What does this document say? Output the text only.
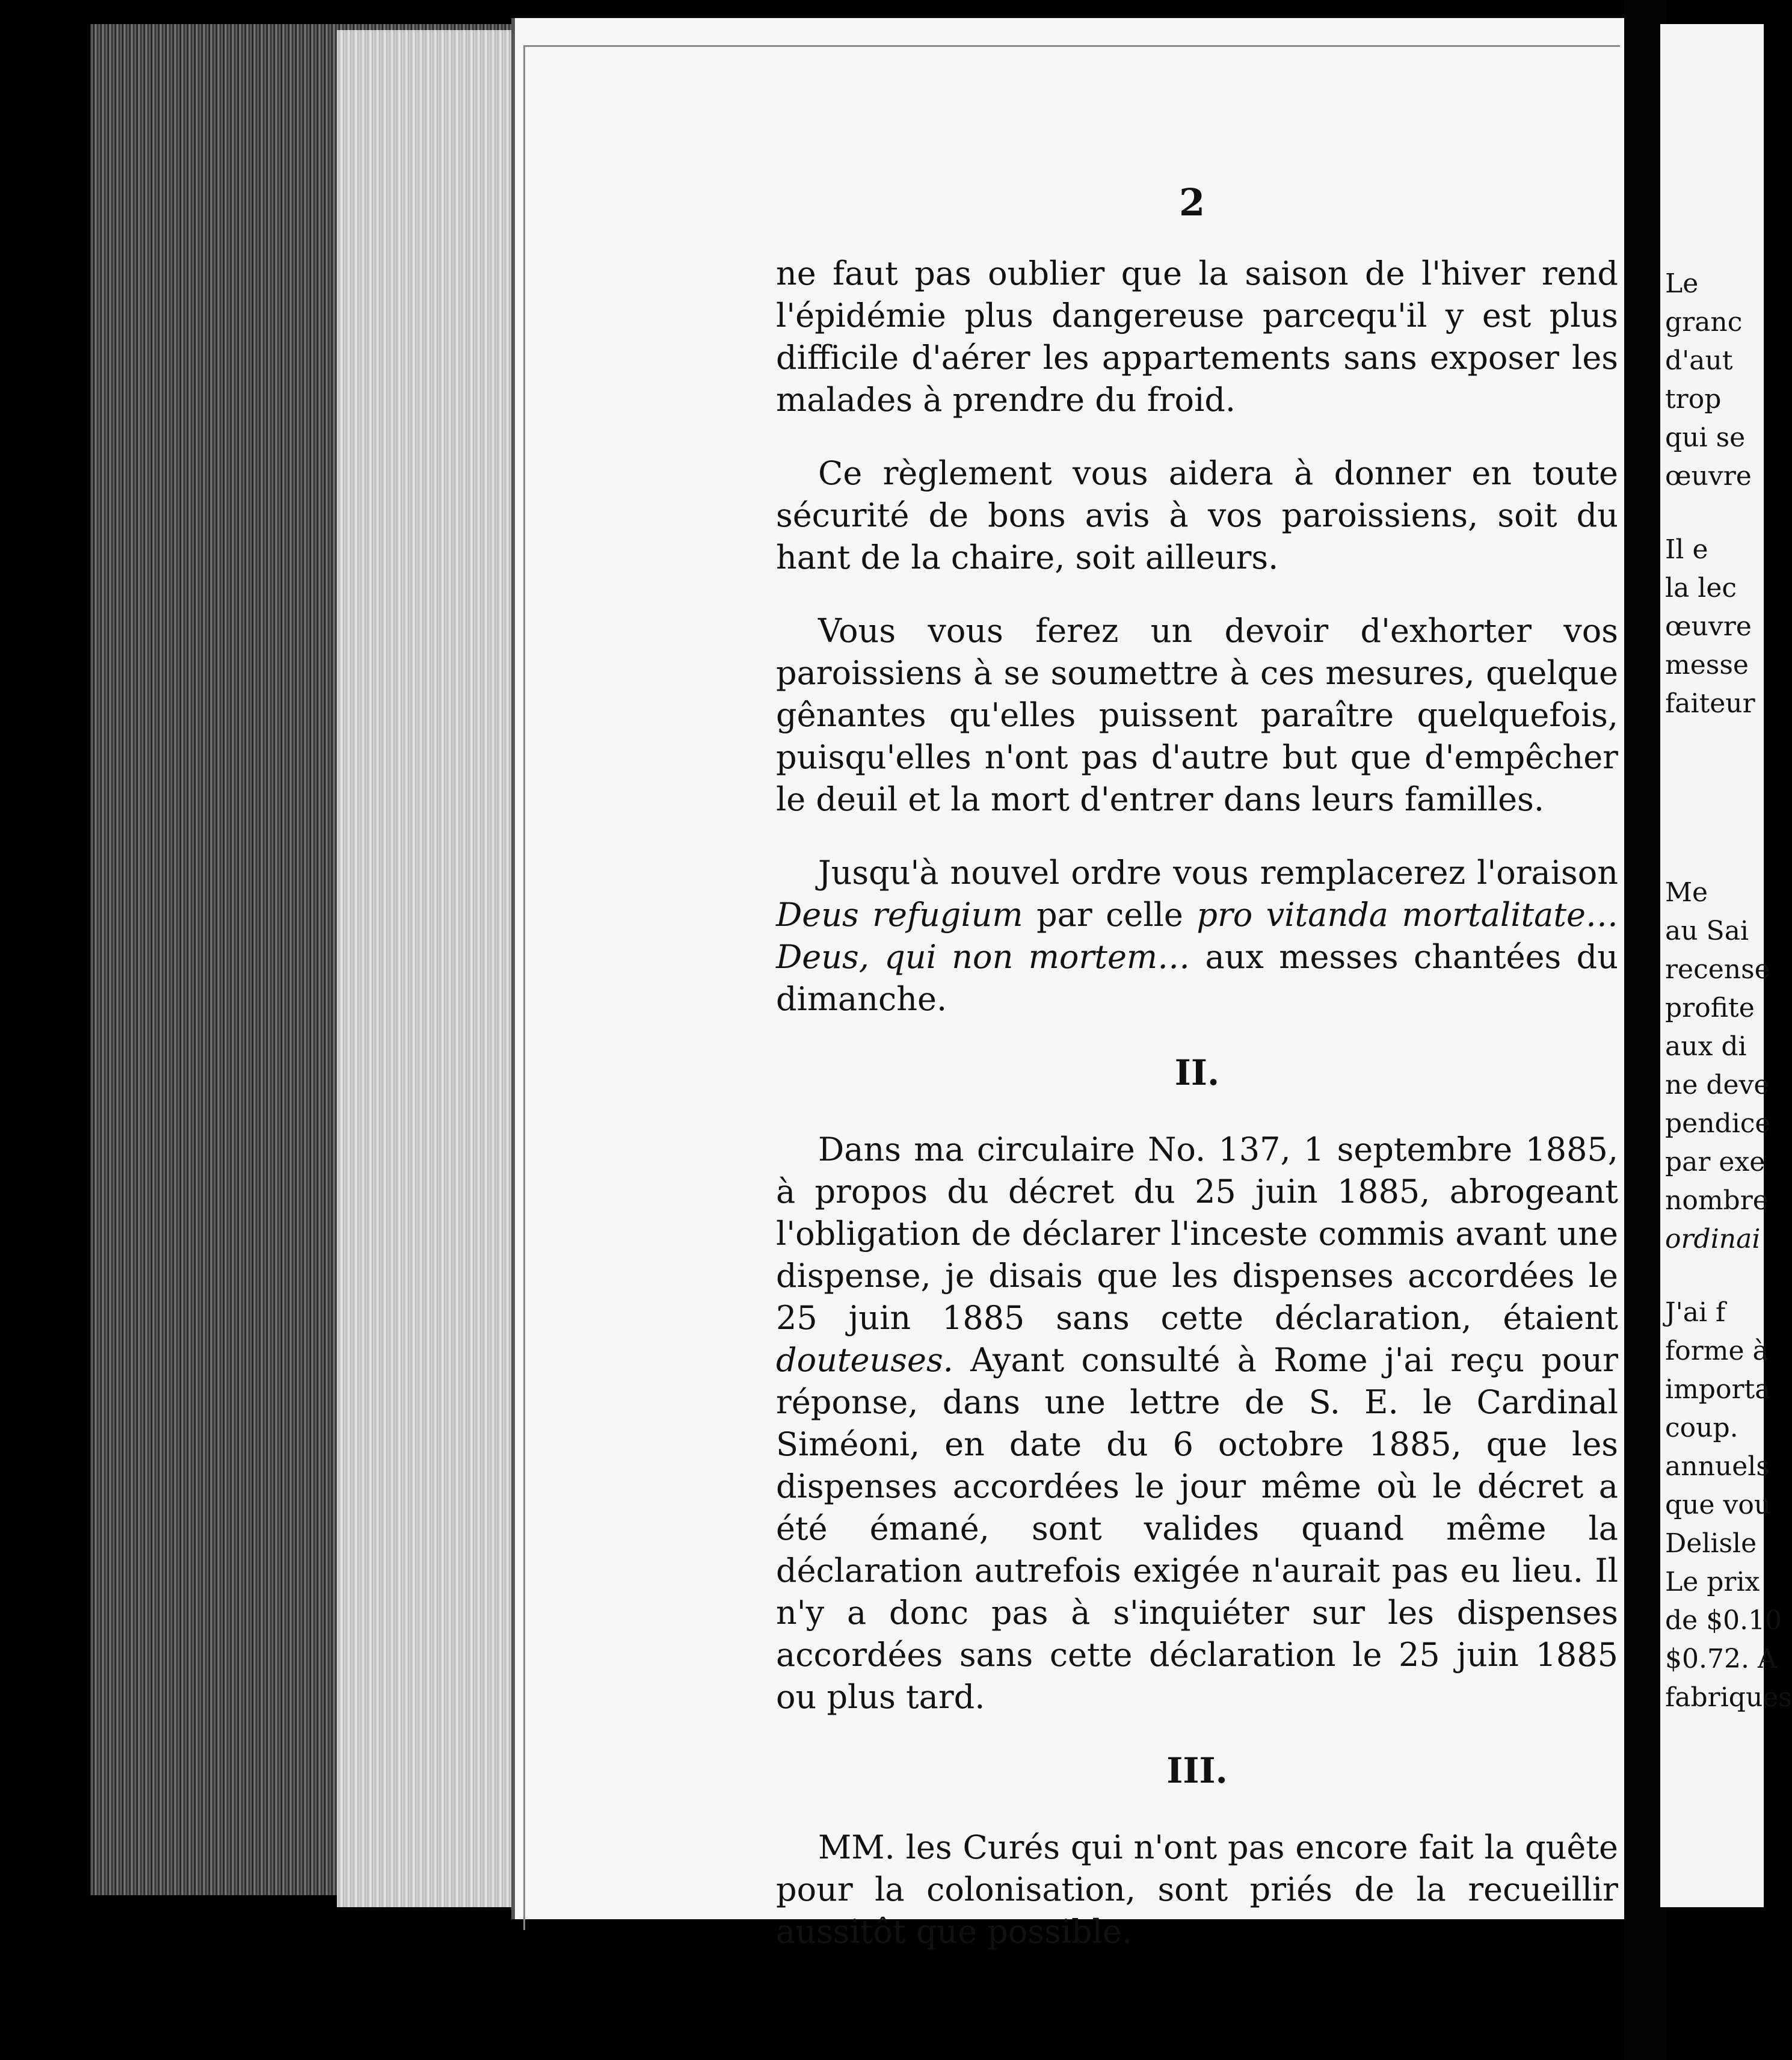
2

ne faut pas oublier que la saison de l'hiver rend l'épidémie plus dangereuse parcequ'il y est plus difficile d'aérer les appartements sans exposer les malades à prendre du froid.

Ce règlement vous aidera à donner en toute sécurité de bons avis à vos paroissiens, soit du hant de la chaire, soit ailleurs.

Vous vous ferez un devoir d'exhorter vos paroissiens à se soumettre à ces mesures, quelque gênantes qu'elles puissent paraître quelquefois, puisqu'elles n'ont pas d'autre but que d'empêcher le deuil et la mort d'entrer dans leurs familles.

Jusqu'à nouvel ordre vous remplacerez l'oraison Deus refugium par celle pro vitanda mortalitate… Deus, qui non mortem… aux messes chantées du dimanche.

II.

Dans ma circulaire No. 137, 1 septembre 1885, à propos du décret du 25 juin 1885, abrogeant l'obligation de déclarer l'inceste commis avant une dispense, je disais que les dispenses accordées le 25 juin 1885 sans cette déclaration, étaient douteuses. Ayant consulté à Rome j'ai reçu pour réponse, dans une lettre de S. E. le Cardinal Siméoni, en date du 6 octobre 1885, que les dispenses accordées le jour même où le décret a été émané, sont valides quand même la déclaration autrefois exigée n'aurait pas eu lieu. Il n'y a donc pas à s'inquiéter sur les dispenses accordées sans cette déclaration le 25 juin 1885 ou plus tard.

III.

MM. les Curés qui n'ont pas encore fait la quête pour la colonisation, sont priés de la recueillir aussitôt que possible.

Le
granc
d'aut
trop
qui se
œuvre
Il e
la lec
œuvre
messe
faiteur
Me
au Sai
recense
profite
aux di
ne deve
pendice
par exe
nombre
ordinai
J'ai f
forme à
importa
coup.
annuels
que vou
Delisle
Le prix
de $0.10
$0.72. A
fabriques
